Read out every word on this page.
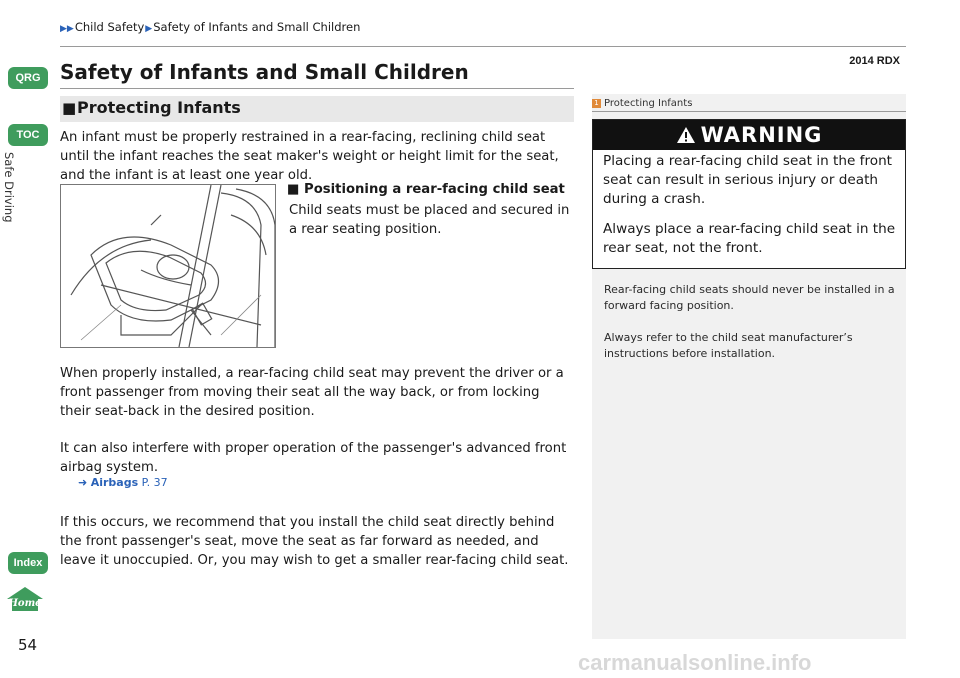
▶▶Child Safety▶Safety of Infants and Small Children
2014 RDX
QRG
TOC
Safe Driving
Index
Home
54
Safety of Infants and Small Children
■ Protecting Infants
An infant must be properly restrained in a rear-facing, reclining child seat until the infant reaches the seat maker's weight or height limit for the seat, and the infant is at least one year old.
■ Positioning a rear-facing child seat
Child seats must be placed and secured in a rear seating position.
When properly installed, a rear-facing child seat may prevent the driver or a front passenger from moving their seat all the way back, or from locking their seat-back in the desired position.
It can also interfere with proper operation of the passenger's advanced front airbag system.
➜ Airbags P. 37
If this occurs, we recommend that you install the child seat directly behind the front passenger's seat, move the seat as far forward as needed, and leave it unoccupied. Or, you may wish to get a smaller rear-facing child seat.
1 Protecting Infants
WARNING
Placing a rear-facing child seat in the front seat can result in serious injury or death during a crash.
Always place a rear-facing child seat in the rear seat, not the front.
Rear-facing child seats should never be installed in a forward facing position.
Always refer to the child seat manufacturer’s instructions before installation.
carmanualsonline.info
